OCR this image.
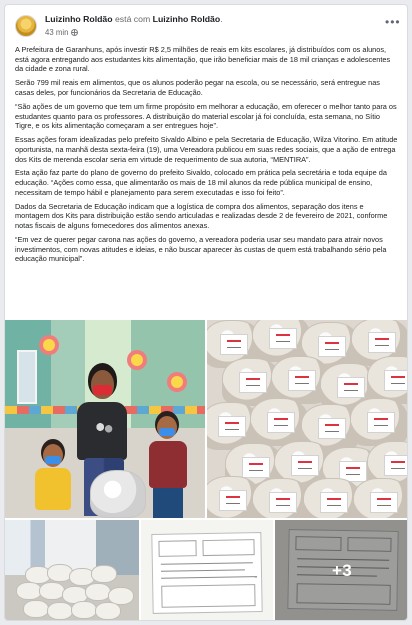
Luizinho Roldão está com Luizinho Roldão.
43 min
•••

A Prefeitura de Garanhuns, após investir R$ 2,5 milhões de reais em kits escolares, já distribuídos com os alunos, está agora entregando aos estudantes kits alimentação, que irão beneficiar mais de 18 mil crianças e adolescentes da cidade e zona rural.

Serão 799 mil reais em alimentos, que os alunos poderão pegar na escola, ou se necessário, será entregue nas casas deles, por funcionários da Secretaria de Educação.

“São ações de um governo que tem um firme propósito em melhorar a educação, em oferecer o melhor tanto para os estudantes quanto para os professores. A distribuição do material escolar já foi concluída, esta semana, no Sítio Tigre, e os kits alimentação começaram a ser entregues hoje”.

Essas ações foram idealizadas pelo prefeito Sivaldo Albino e pela Secretaria de Educação, Wilza Vitorino. Em atitude oportunista, na manhã desta sexta-feira (19), uma Vereadora publicou em suas redes sociais, que a ação de entrega dos Kits de merenda escolar seria em virtude de requerimento de sua autoria, “MENTIRA”.

Esta ação faz parte do plano de governo do prefeito Sivaldo, colocado em prática pela secretária e toda equipe da educação. “Ações como essa, que alimentarão os mais de 18 mil alunos da rede pública municipal de ensino, necessitam de tempo hábil e planejamento para serem executadas e isso foi feito”.

Dados da Secretaria de Educação indicam que a logística de compra dos alimentos, separação dos itens e montagem dos Kits para distribuição estão sendo articuladas e realizadas desde 2 de fevereiro de 2021, conforme notas fiscais de alguns fornecedores dos alimentos anexas.

“Em vez de querer pegar carona nas ações do governo, a vereadora poderia usar seu mandato para atrair novos investimentos, com novas atitudes e ideias, e não buscar aparecer às custas de quem está trabalhando sério pela educação municipal”.

+3
